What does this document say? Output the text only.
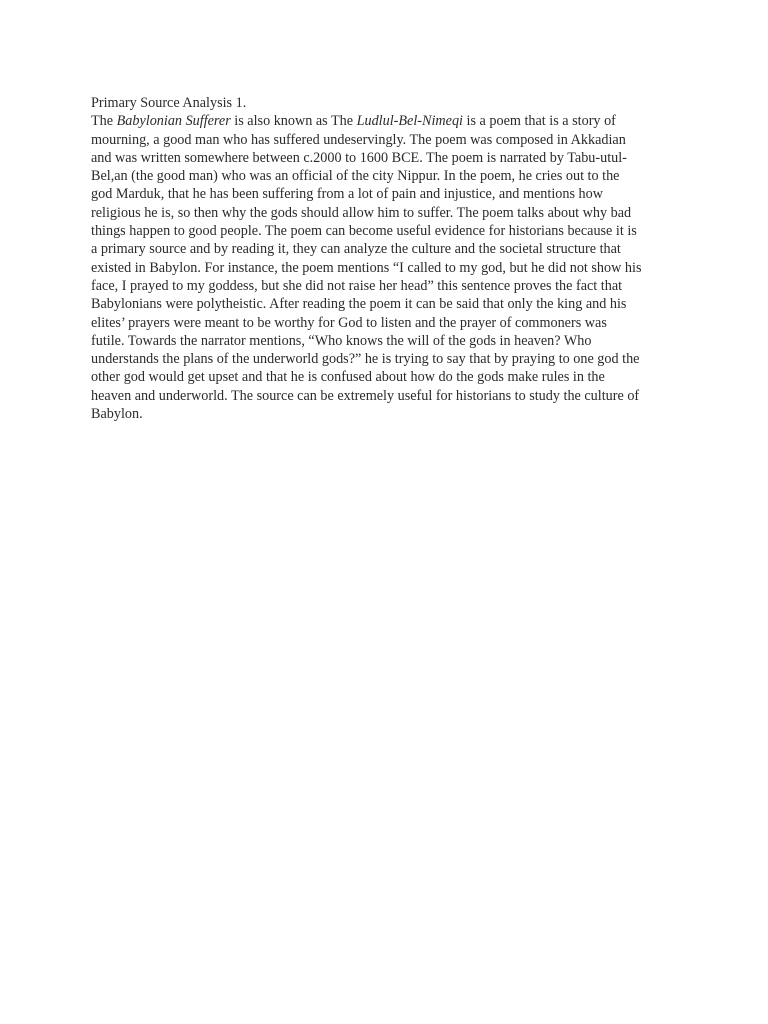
Primary Source Analysis 1.
The Babylonian Sufferer is also known as The Ludlul-Bel-Nimeqi is a poem that is a story of
mourning, a good man who has suffered undeservingly. The poem was composed in Akkadian
and was written somewhere between c.2000 to 1600 BCE. The poem is narrated by Tabu-utul-
Bel,an (the good man) who was an official of the city Nippur. In the poem, he cries out to the
god Marduk, that he has been suffering from a lot of pain and injustice, and mentions how
religious he is, so then why the gods should allow him to suffer. The poem talks about why bad
things happen to good people. The poem can become useful evidence for historians because it is
a primary source and by reading it, they can analyze the culture and the societal structure that
existed in Babylon. For instance, the poem mentions “I called to my god, but he did not show his
face, I prayed to my goddess, but she did not raise her head” this sentence proves the fact that
Babylonians were polytheistic. After reading the poem it can be said that only the king and his
elites’ prayers were meant to be worthy for God to listen and the prayer of commoners was
futile. Towards the narrator mentions, “Who knows the will of the gods in heaven? Who
understands the plans of the underworld gods?” he is trying to say that by praying to one god the
other god would get upset and that he is confused about how do the gods make rules in the
heaven and underworld. The source can be extremely useful for historians to study the culture of
Babylon.
